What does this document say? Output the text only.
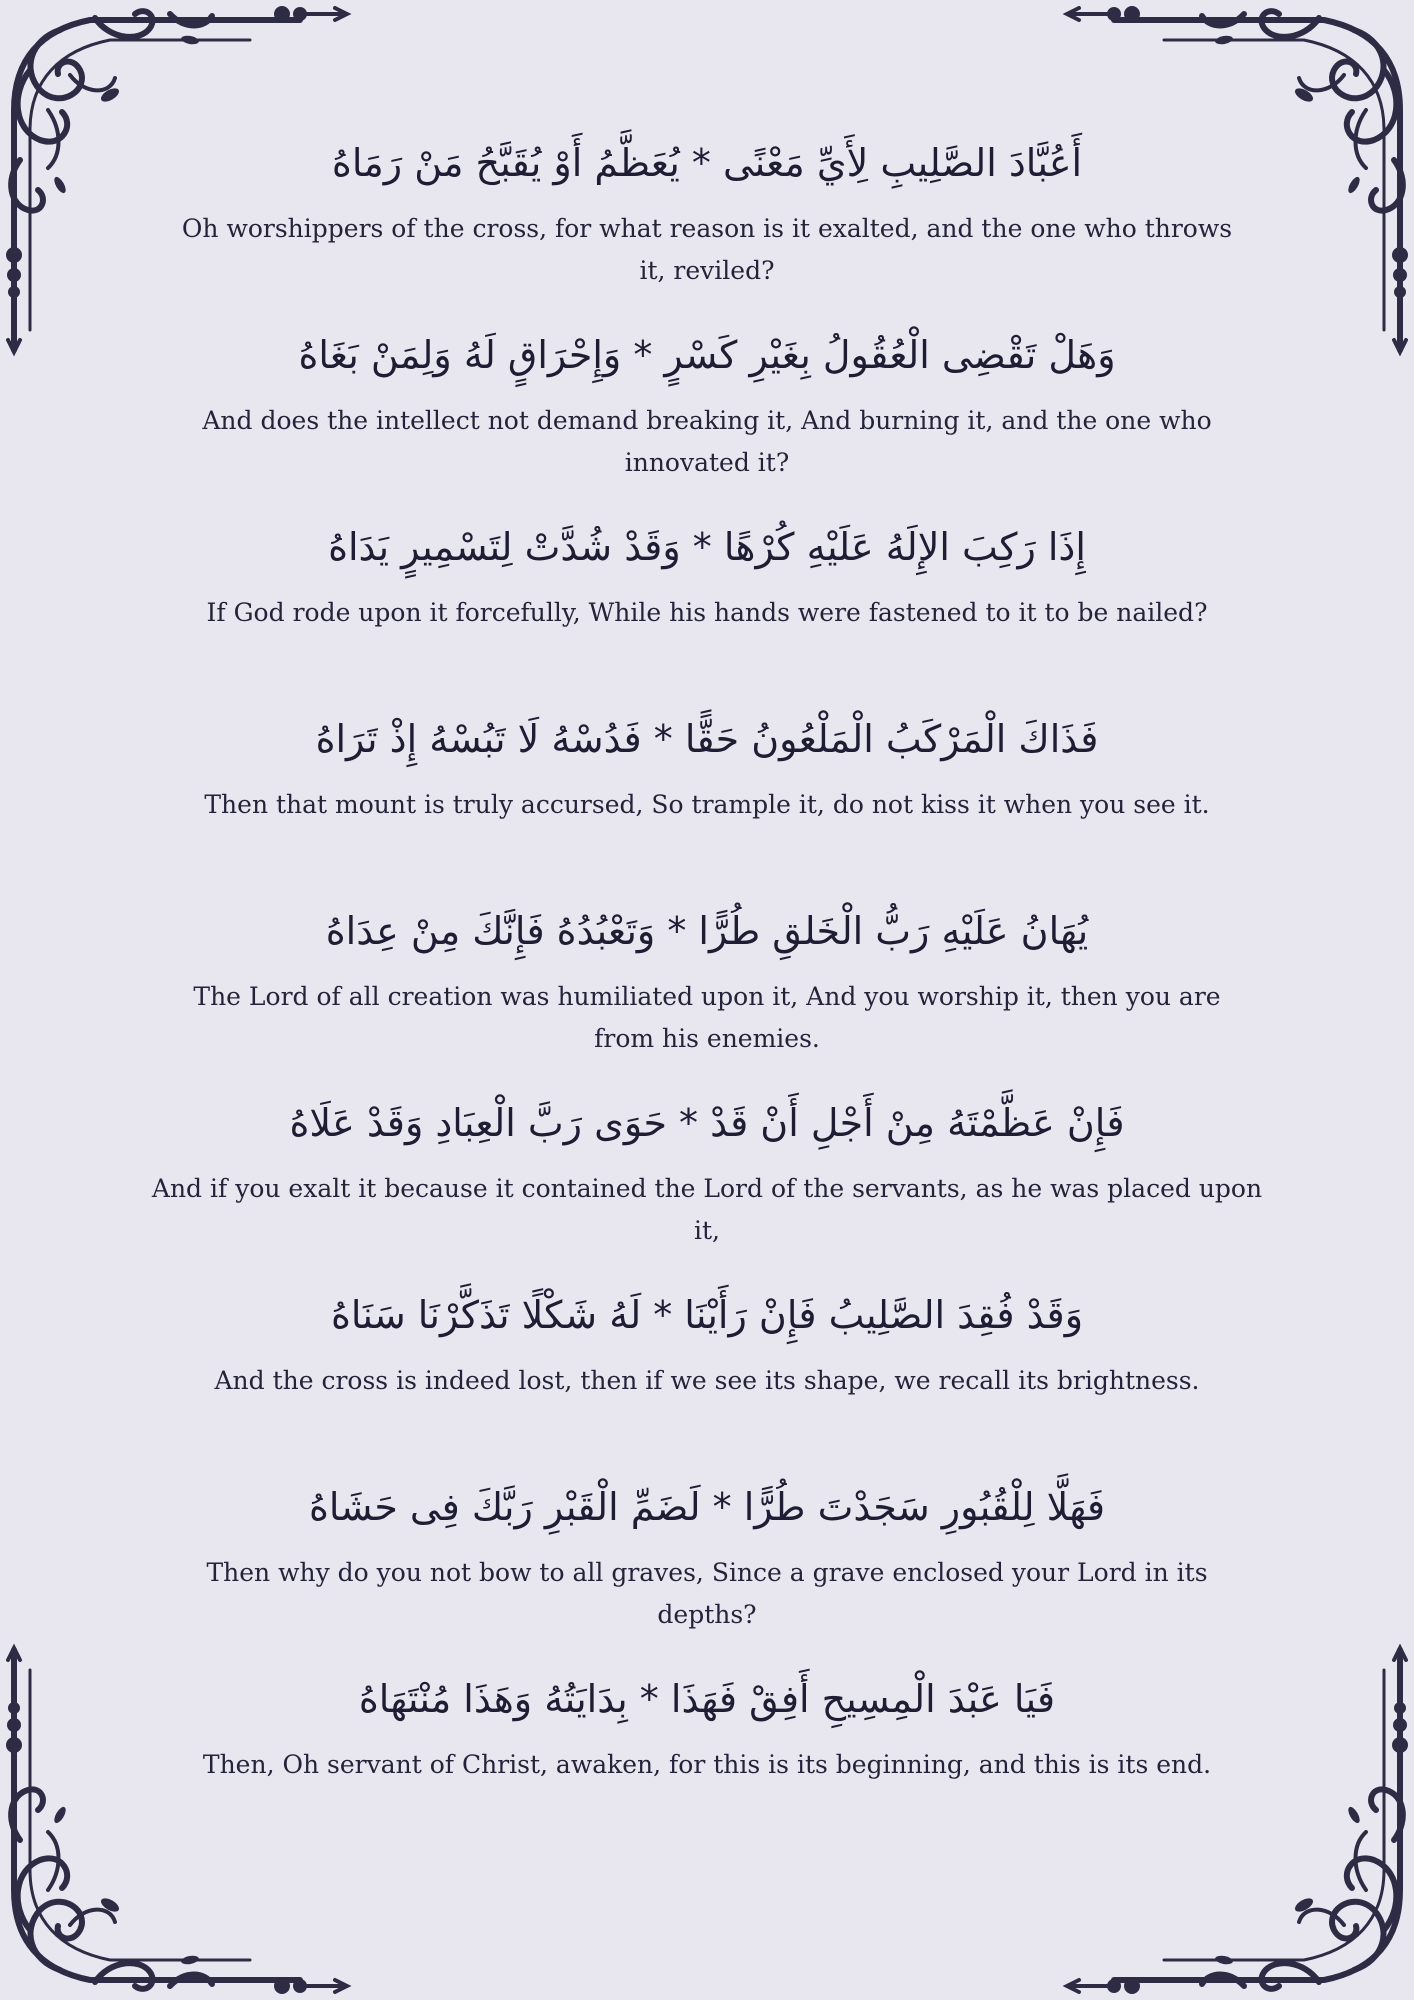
أَعُبَّادَ الصَّلِيبِ لِأَيِّ مَعْنًى * يُعَظَّمُ أَوْ يُقَبَّحُ مَنْ رَمَاهُ

Oh worshippers of the cross, for what reason is it exalted, and the one who throws it, reviled?

وَهَلْ تَقْضِى الْعُقُولُ بِغَيْرِ كَسْرٍ * وَإِحْرَاقٍ لَهُ وَلِمَنْ بَغَاهُ

And does the intellect not demand breaking it, And burning it, and the one who innovated it?

إِذَا رَكِبَ الإِلَهُ عَلَيْهِ كُرْهًا * وَقَدْ شُدَّتْ لِتَسْمِيرٍ يَدَاهُ

If God rode upon it forcefully, While his hands were fastened to it to be nailed?

فَذَاكَ الْمَرْكَبُ الْمَلْعُونُ حَقًّا * فَدُسْهُ لَا تَبُسْهُ إِذْ تَرَاهُ

Then that mount is truly accursed, So trample it, do not kiss it when you see it.

يُهَانُ عَلَيْهِ رَبُّ الْخَلقِ طُرًّا * وَتَعْبُدُهُ فَإِنَّكَ مِنْ عِدَاهُ

The Lord of all creation was humiliated upon it, And you worship it, then you are from his enemies.

فَإِنْ عَظَّمْتَهُ مِنْ أَجْلِ أَنْ قَدْ * حَوَى رَبَّ الْعِبَادِ وَقَدْ عَلَاهُ

And if you exalt it because it contained the Lord of the servants, as he was placed upon it,

وَقَدْ فُقِدَ الصَّلِيبُ فَإِنْ رَأَيْنَا * لَهُ شَكْلًا تَذَكَّرْنَا سَنَاهُ

And the cross is indeed lost, then if we see its shape, we recall its brightness.

فَهَلَّا لِلْقُبُورِ سَجَدْتَ طُرًّا * لَضَمِّ الْقَبْرِ رَبَّكَ فِى حَشَاهُ

Then why do you not bow to all graves, Since a grave enclosed your Lord in its depths?

فَيَا عَبْدَ الْمِسِيحِ أَفِقْ فَهَذَا * بِدَايَتُهُ وَهَذَا مُنْتَهَاهُ

Then, Oh servant of Christ, awaken, for this is its beginning, and this is its end.
